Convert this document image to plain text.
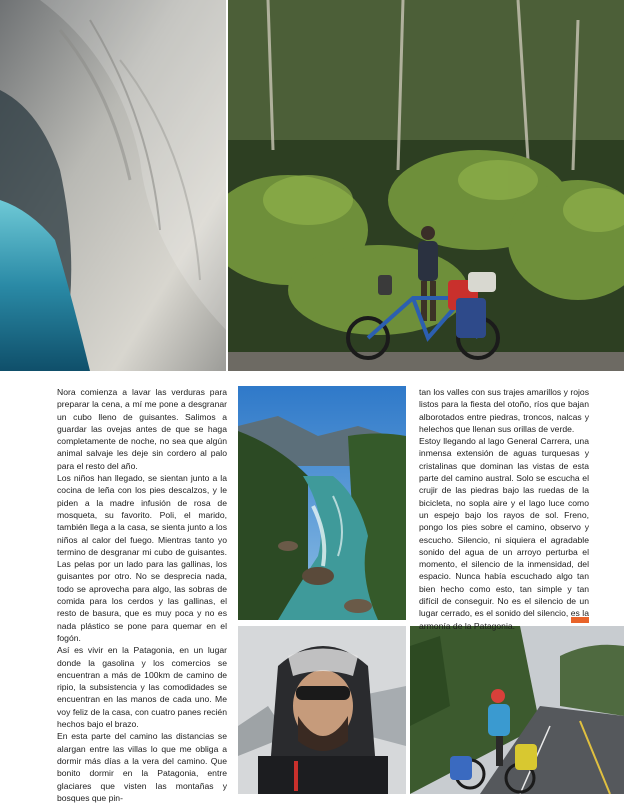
Nora comienza a lavar las verduras para preparar la cena, a mí me pone a desgranar un cubo lleno de guisantes. Salimos a guardar las ovejas antes de que se haga completamente de noche, no sea que algún animal salvaje les deje sin cordero al palo para el resto del año.

Los niños han llegado, se sientan junto a la cocina de leña con los pies descalzos, y le piden a la madre infusión de rosa de mosqueta, su favorito. Poli, el marido, también llega a la casa, se sienta junto a los niños al calor del fuego. Mientras tanto yo termino de desgranar mi cubo de guisantes. Las pelas por un lado para las gallinas, los guisantes por otro. No se desprecia nada, todo se aprovecha para algo, las sobras de comida para los cerdos y las gallinas, el resto de basura, que es muy poca y no es nada plástico se pone para quemar en el fogón.

Así es vivir en la Patagonia, en un lugar donde la gasolina y los comercios se encuentran a más de 100km de camino de ripio, la subsistencia y las comodidades se encuentran en las manos de cada uno. Me voy feliz de la casa, con cuatro panes recién hechos bajo el brazo.

En esta parte del camino las distancias se alargan entre las villas lo que me obliga a dormir más días a la vera del camino. Que bonito dormir en la Patagonia, entre glaciares que visten las montañas y bosques que pin-

tan los valles con sus trajes amarillos y rojos listos para la fiesta del otoño, ríos que bajan alborotados entre piedras, troncos, nalcas y helechos que llenan sus orillas de verde.

Estoy llegando al lago General Carrera, una inmensa extensión de aguas turquesas y cristalinas que dominan las vistas de esta parte del camino austral. Solo se escucha el crujir de las piedras bajo las ruedas de la bicicleta, no sopla aire y el lago luce como un espejo bajo los rayos de sol. Freno, pongo los pies sobre el camino, observo y escucho. Silencio, ni siquiera el agradable sonido del agua de un arroyo perturba el momento, el silencio de la inmensidad, del espacio. Nunca había escuchado algo tan bien hecho como esto, tan simple y tan difícil de conseguir. No es el silencio de un lugar cerrado, es el sonido del silencio, es la armonía de la Patagonia.
